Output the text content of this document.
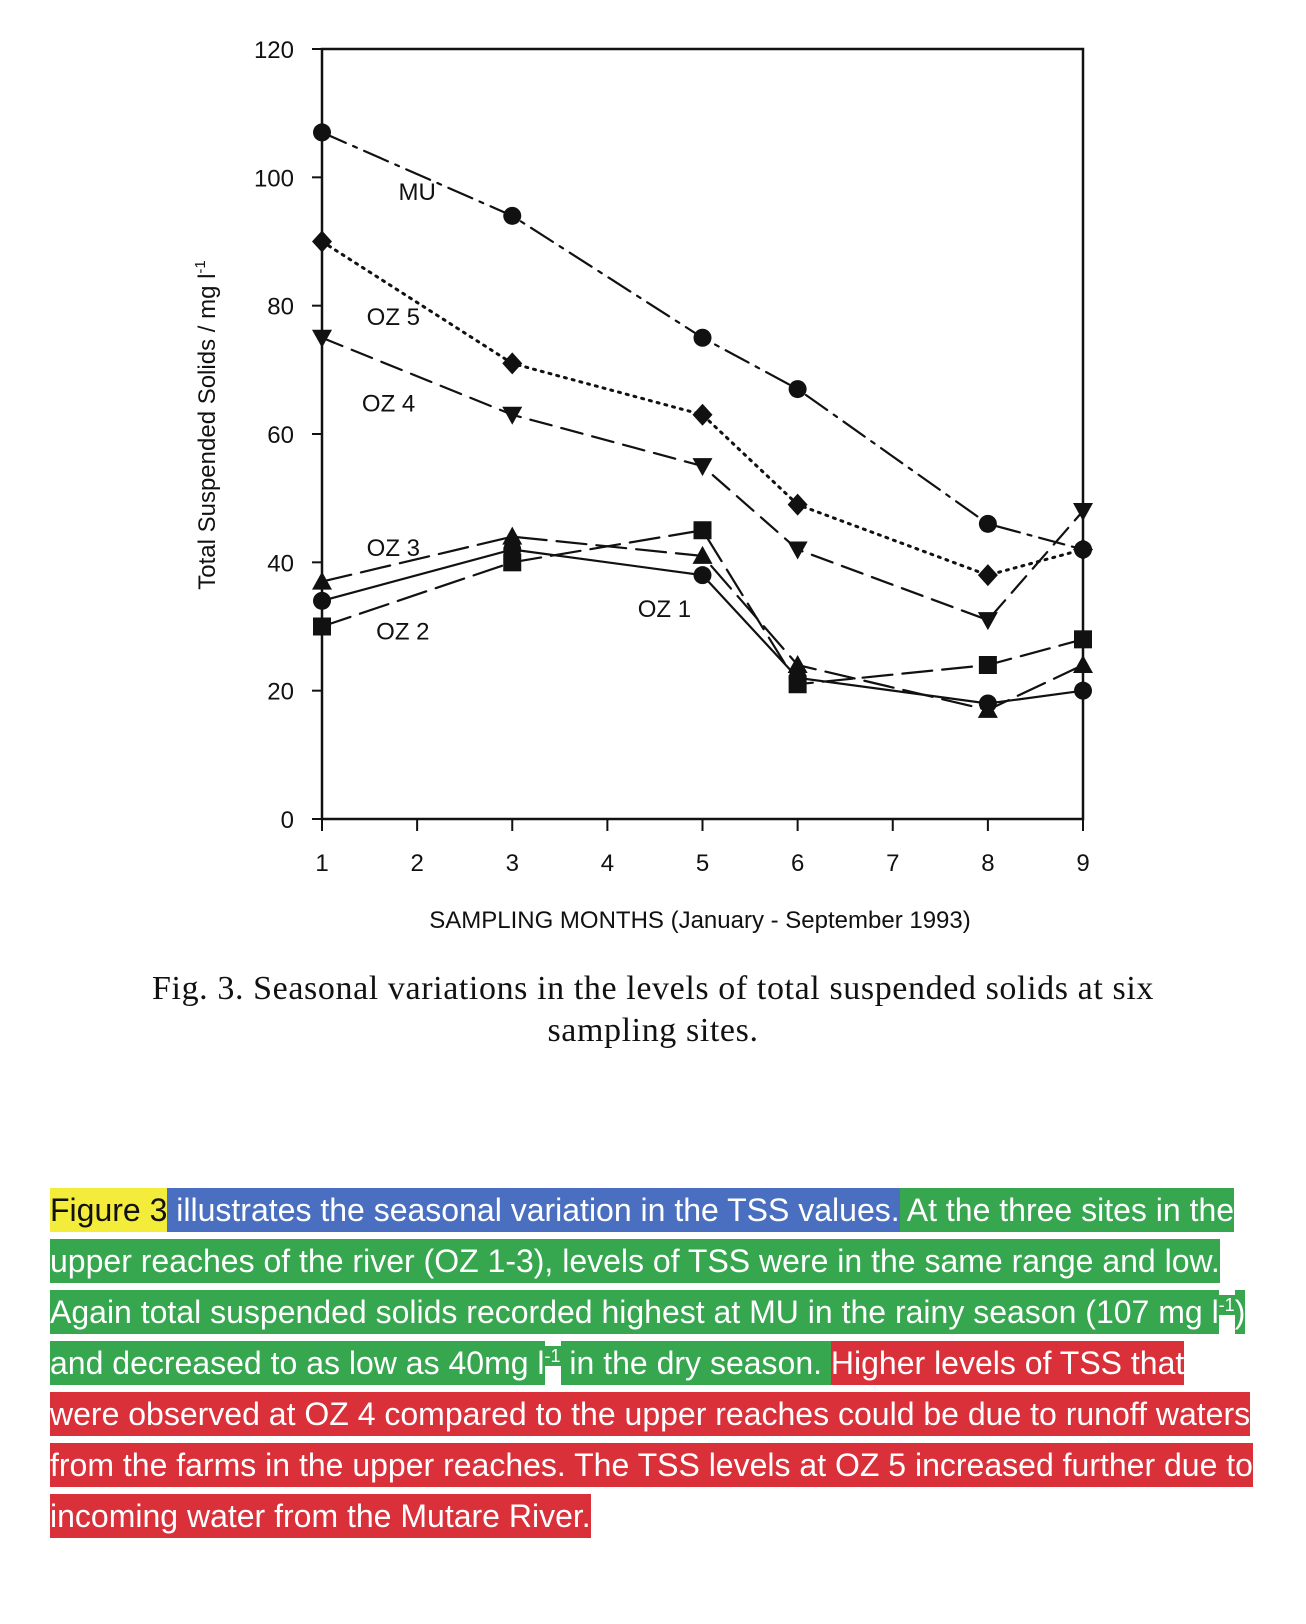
0
20
40
60
80
100
120
1	2	3	4	5	6	7	8	9
MU
OZ 5
OZ 4
OZ 3
OZ 2
OZ 1
SAMPLING MONTHS (January - September 1993)
Total Suspended Solids / mg $l^{-1}$
Fig. 3. Seasonal variations in the levels of total suspended solids at six sampling sites.
Figure 3 illustrates the seasonal variation in the TSS values. At the three sites in the upper reaches of the river (OZ 1-3), levels of TSS were in the same range and low. Again total suspended solids recorded highest at MU in the rainy season (107 mg $l^{-1}$) and decreased to as low as 40mg $l^{-1}$ in the dry season. Higher levels of TSS that were observed at OZ 4 compared to the upper reaches could be due to runoff waters from the farms in the upper reaches. The TSS levels at OZ 5 increased further due to incoming water from the Mutare River.
